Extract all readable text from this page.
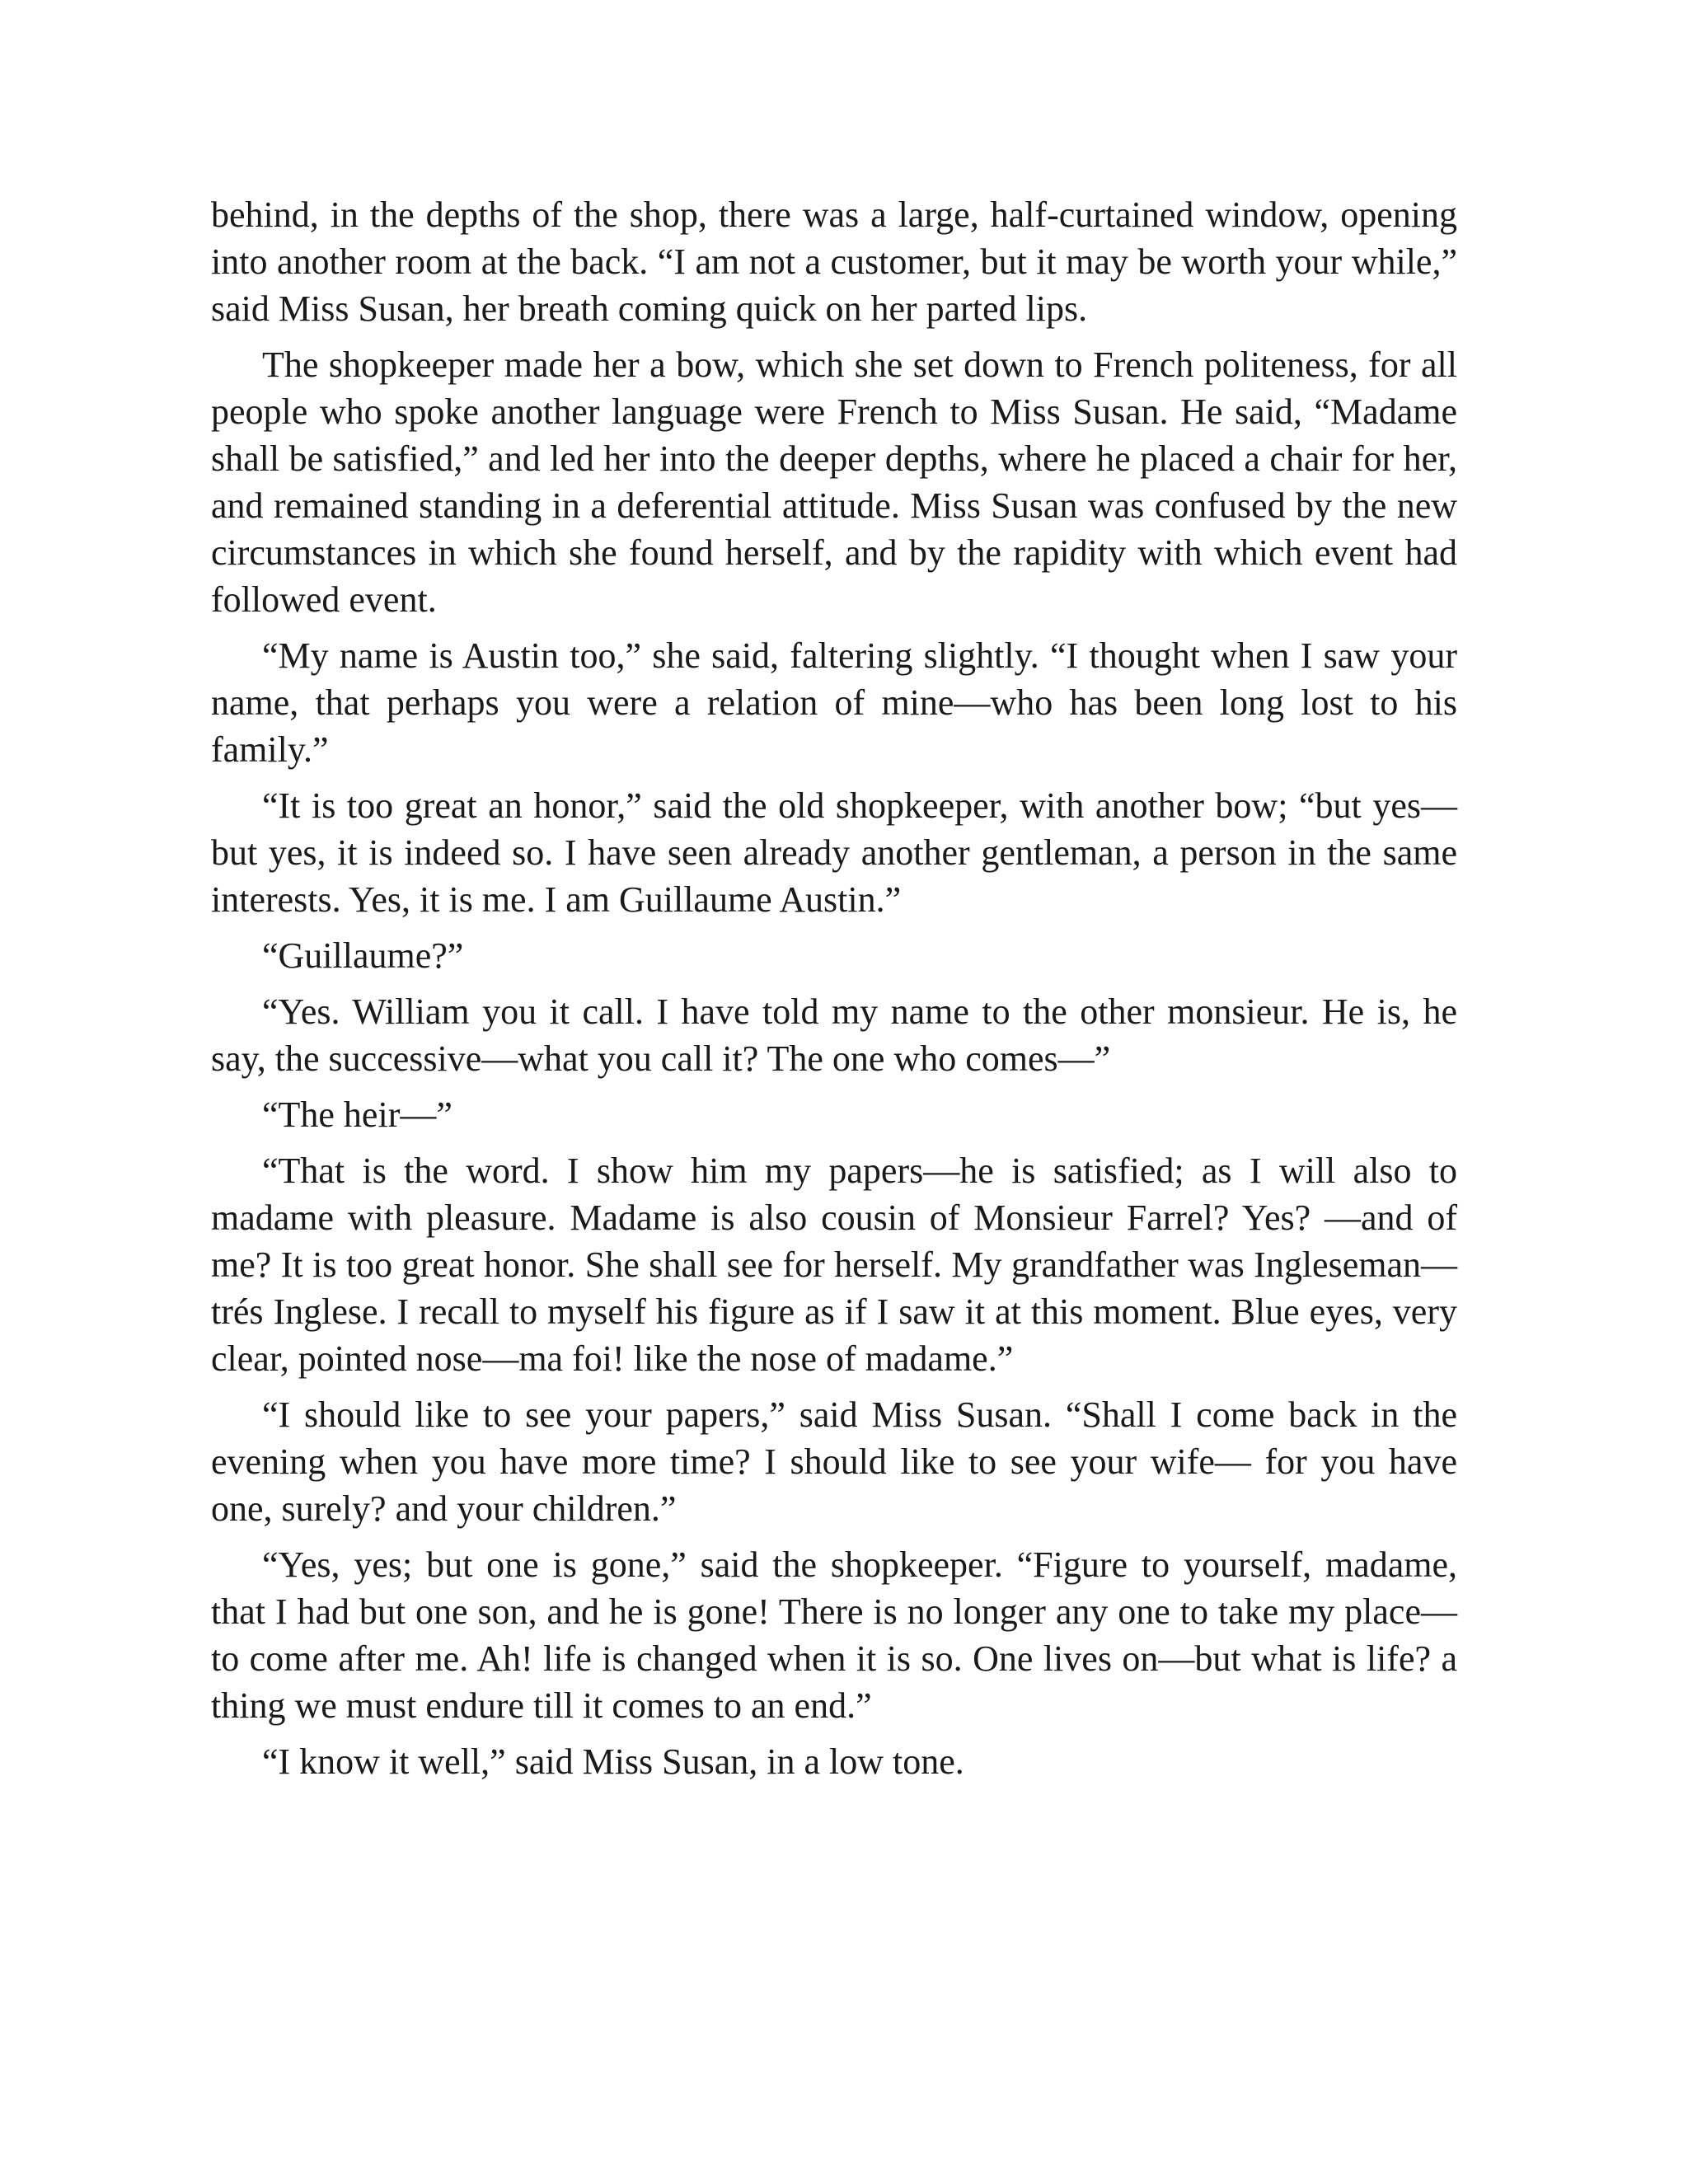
behind, in the depths of the shop, there was a large, half-curtained window, opening into another room at the back. “I am not a customer, but it may be worth your while,” said Miss Susan, her breath coming quick on her parted lips.

The shopkeeper made her a bow, which she set down to French politeness, for all people who spoke another language were French to Miss Susan. He said, “Madame shall be satisfied,” and led her into the deeper depths, where he placed a chair for her, and remained standing in a deferential attitude. Miss Susan was confused by the new circumstances in which she found herself, and by the rapidity with which event had followed event.

“My name is Austin too,” she said, faltering slightly. “I thought when I saw your name, that perhaps you were a relation of mine—who has been long lost to his family.”

“It is too great an honor,” said the old shopkeeper, with another bow; “but yes—but yes, it is indeed so. I have seen already another gentleman, a person in the same interests. Yes, it is me. I am Guillaume Austin.”

“Guillaume?”

“Yes. William you it call. I have told my name to the other monsieur. He is, he say, the successive—what you call it? The one who comes—”

“The heir—”

“That is the word. I show him my papers—he is satisfied; as I will also to madame with pleasure. Madame is also cousin of Monsieur Farrel? Yes? —and of me? It is too great honor. She shall see for herself. My grandfather was Ingleseman—trés Inglese. I recall to myself his figure as if I saw it at this moment. Blue eyes, very clear, pointed nose—ma foi! like the nose of madame.”

“I should like to see your papers,” said Miss Susan. “Shall I come back in the evening when you have more time? I should like to see your wife— for you have one, surely? and your children.”

“Yes, yes; but one is gone,” said the shopkeeper. “Figure to yourself, madame, that I had but one son, and he is gone! There is no longer any one to take my place—to come after me. Ah! life is changed when it is so. One lives on—but what is life? a thing we must endure till it comes to an end.”

“I know it well,” said Miss Susan, in a low tone.
